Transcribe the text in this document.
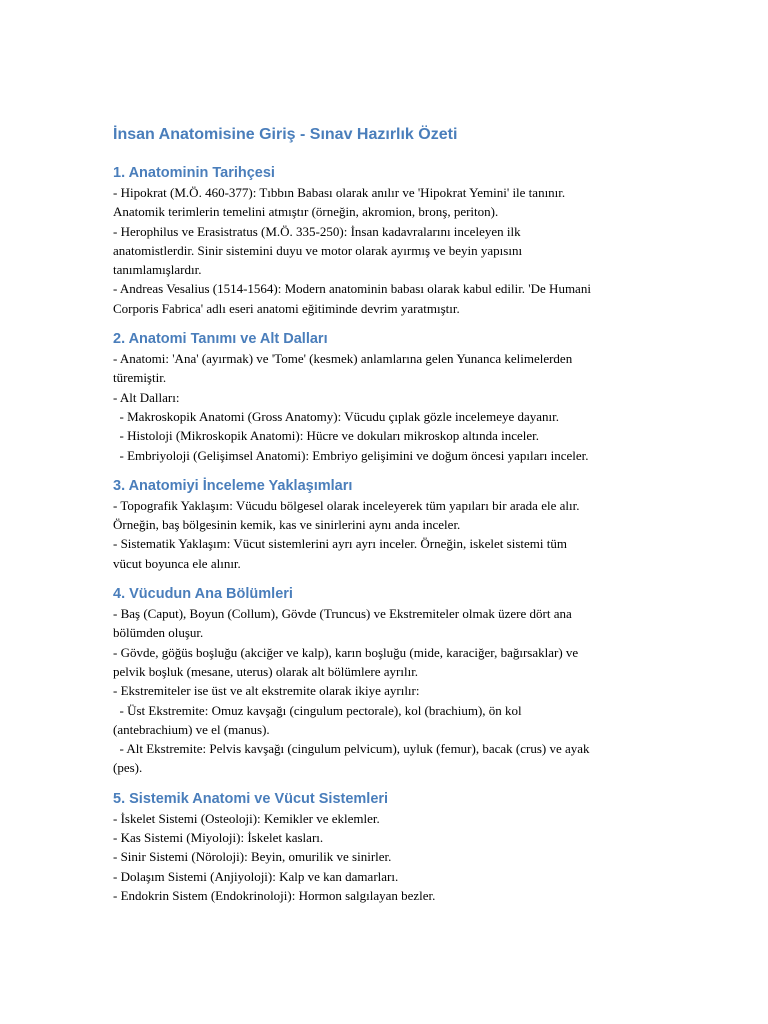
İnsan Anatomisine Giriş - Sınav Hazırlık Özeti
1. Anatominin Tarihçesi

- Hipokrat (M.Ö. 460-377): Tıbbın Babası olarak anılır ve 'Hipokrat Yemini' ile tanınır.

Anatomik terimlerin temelini atmıştır (örneğin, akromion, bronş, periton).

- Herophilus ve Erasistratus (M.Ö. 335-250): İnsan kadavralarını inceleyen ilk

anatomistlerdir. Sinir sistemini duyu ve motor olarak ayırmış ve beyin yapısını

tanımlamışlardır.

- Andreas Vesalius (1514-1564): Modern anatominin babası olarak kabul edilir. 'De Humani

Corporis Fabrica' adlı eseri anatomi eğitiminde devrim yaratmıştır.

2. Anatomi Tanımı ve Alt Dalları

- Anatomi: 'Ana' (ayırmak) ve 'Tome' (kesmek) anlamlarına gelen Yunanca kelimelerden

türemiştir.

- Alt Dalları:

- Makroskopik Anatomi (Gross Anatomy): Vücudu çıplak gözle incelemeye dayanır.

- Histoloji (Mikroskopik Anatomi): Hücre ve dokuları mikroskop altında inceler.

- Embriyoloji (Gelişimsel Anatomi): Embriyo gelişimini ve doğum öncesi yapıları inceler.

3. Anatomiyi İnceleme Yaklaşımları

- Topografik Yaklaşım: Vücudu bölgesel olarak inceleyerek tüm yapıları bir arada ele alır.

Örneğin, baş bölgesinin kemik, kas ve sinirlerini aynı anda inceler.

- Sistematik Yaklaşım: Vücut sistemlerini ayrı ayrı inceler. Örneğin, iskelet sistemi tüm

vücut boyunca ele alınır.

4. Vücudun Ana Bölümleri

- Baş (Caput), Boyun (Collum), Gövde (Truncus) ve Ekstremiteler olmak üzere dört ana

bölümden oluşur.

- Gövde, göğüs boşluğu (akciğer ve kalp), karın boşluğu (mide, karaciğer, bağırsaklar) ve

pelvik boşluk (mesane, uterus) olarak alt bölümlere ayrılır.

- Ekstremiteler ise üst ve alt ekstremite olarak ikiye ayrılır:

- Üst Ekstremite: Omuz kavşağı (cingulum pectorale), kol (brachium), ön kol

(antebrachium) ve el (manus).

- Alt Ekstremite: Pelvis kavşağı (cingulum pelvicum), uyluk (femur), bacak (crus) ve ayak

(pes).

5. Sistemik Anatomi ve Vücut Sistemleri

- İskelet Sistemi (Osteoloji): Kemikler ve eklemler.

- Kas Sistemi (Miyoloji): İskelet kasları.

- Sinir Sistemi (Nöroloji): Beyin, omurilik ve sinirler.

- Dolaşım Sistemi (Anjiyoloji): Kalp ve kan damarları.

- Endokrin Sistem (Endokrinoloji): Hormon salgılayan bezler.
